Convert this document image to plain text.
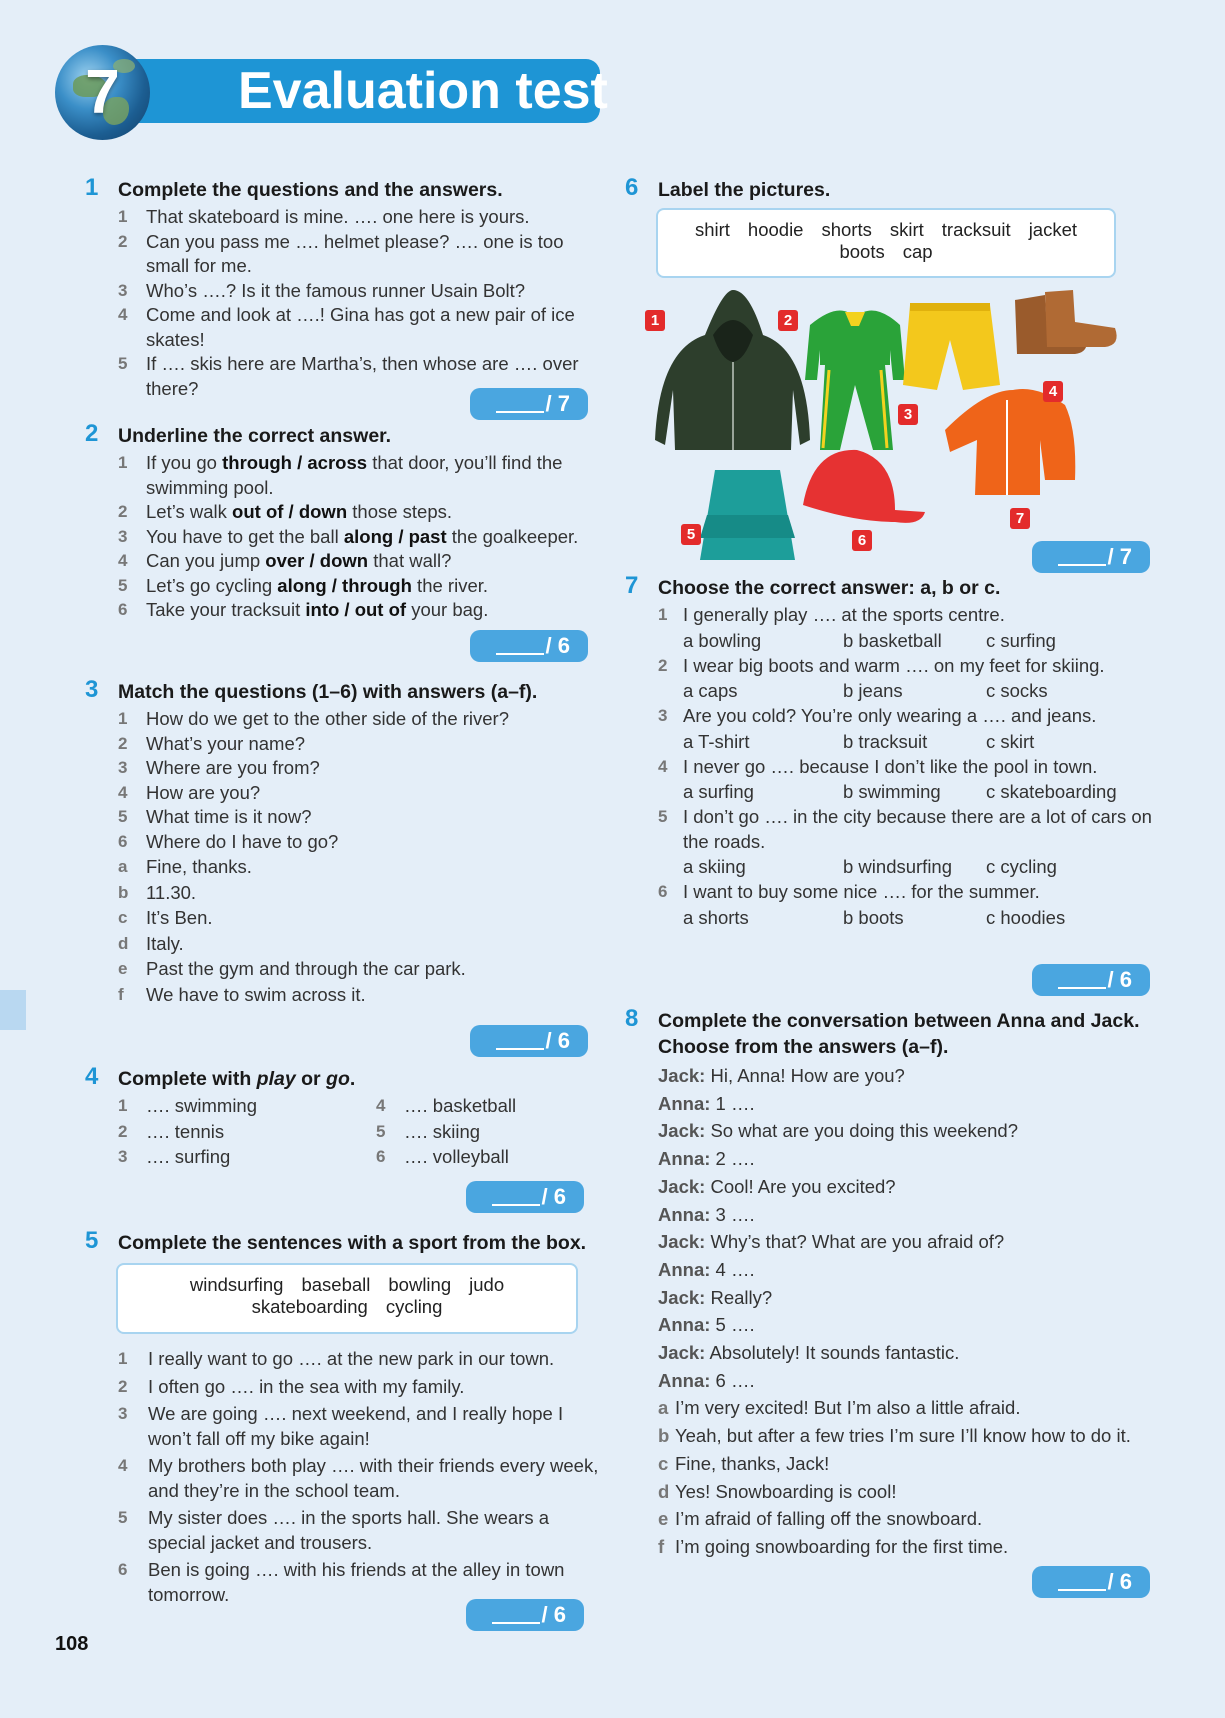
7	Evaluation test
1 Complete the questions and the answers.
1 That skateboard is mine. …. one here is yours.
2 Can you pass me …. helmet please? …. one is too small for me.
3 Who’s ….? Is it the famous runner Usain Bolt?
4 Come and look at ….! Gina has got a new pair of ice skates!
5 If …. skis here are Martha’s, then whose are …. over there?
/ 7
2 Underline the correct answer.
1 If you go through / across that door, you’ll find the swimming pool.
2 Let’s walk out of / down those steps.
3 You have to get the ball along / past the goalkeeper.
4 Can you jump over / down that wall?
5 Let’s go cycling along / through the river.
6 Take your tracksuit into / out of your bag.
/ 6
3 Match the questions (1–6) with answers (a–f).
1 How do we get to the other side of the river?
2 What’s your name?
3 Where are you from?
4 How are you?
5 What time is it now?
6 Where do I have to go?
a Fine, thanks.
b 11.30.
c It’s Ben.
d Italy.
e Past the gym and through the car park.
f We have to swim across it.
/ 6
4 Complete with play or go.
1 …. swimming
2 …. tennis
3 …. surfing
4 …. basketball
5 …. skiing
6 …. volleyball
/ 6
5 Complete the sentences with a sport from the box.
windsurfing baseball bowling judo
skateboarding cycling
1 I really want to go …. at the new park in our town.
2 I often go …. in the sea with my family.
3 We are going …. next weekend, and I really hope I won’t fall off my bike again!
4 My brothers both play …. with their friends every week, and they’re in the school team.
5 My sister does …. in the sports hall. She wears a special jacket and trousers.
6 Ben is going …. with his friends at the alley in town tomorrow.
/ 6
6 Label the pictures.
shirt hoodie shorts skirt tracksuit jacket
boots cap
1	2
3
4
5	6
7
/ 7
7 Choose the correct answer: a, b or c.
1 I generally play …. at the sports centre.
a bowling	b basketball c surfing
2 I wear big boots and warm …. on my feet for skiing.
a caps	b jeans	c socks
3 Are you cold? You’re only wearing a …. and jeans.
a T-shirt	b tracksuit	c skirt
4 I never go …. because I don’t like the pool in town.
a surfing	b swimming c skateboarding
5 I don’t go …. in the city because there are a lot of cars on the roads.
a skiing	b windsurfing c cycling
6 I want to buy some nice …. for the summer.
a shorts	b boots	c hoodies
/ 6
8 Complete the conversation between Anna and Jack.
Choose from the answers (a–f).
Jack: Hi, Anna! How are you?
Anna: 1 ….
Jack: So what are you doing this weekend?
Anna: 2 ….
Jack: Cool! Are you excited?
Anna: 3 ….
Jack: Why’s that? What are you afraid of?
Anna: 4 ….
Jack: Really?
Anna: 5 ….
Jack: Absolutely! It sounds fantastic.
Anna: 6 ….
a I’m very excited! But I’m also a little afraid.
b Yeah, but after a few tries I’m sure I’ll know how to do it.
c Fine, thanks, Jack!
d Yes! Snowboarding is cool!
e I’m afraid of falling off the snowboard.
f I’m going snowboarding for the first time.
/ 6
108
